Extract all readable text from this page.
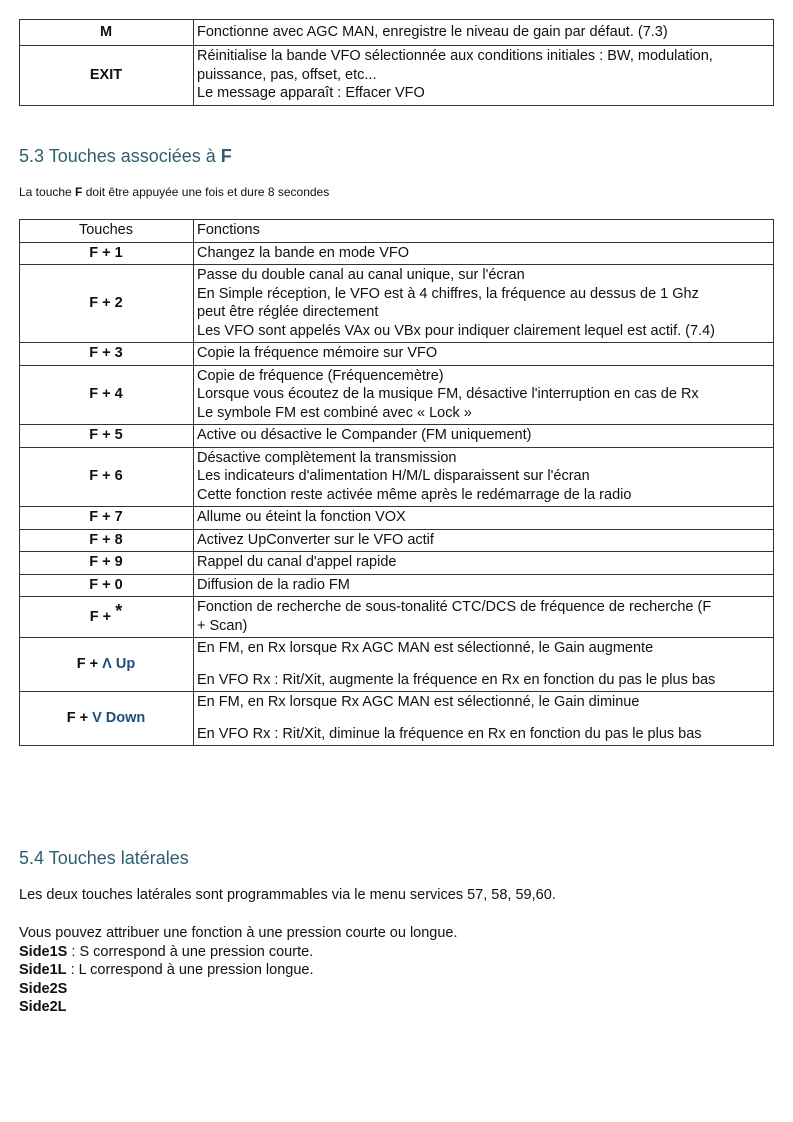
M	Fonctionne avec AGC MAN, enregistre le niveau de gain par défaut. (7.3)

EXIT	Réinitialise la bande VFO sélectionnée aux conditions initiales : BW, modulation,
puissance, pas, offset, etc...
Le message apparaît : Effacer VFO
5.3 Touches associées à F
La touche F doit être appuyée une fois et dure 8 secondes
Touches	Fonctions
F + 1	Changez la bande en mode VFO

F + 2	Passe du double canal au canal unique, sur l'écran
En Simple réception, le VFO est à 4 chiffres, la fréquence au dessus de 1 Ghz
peut être réglée directement
Les VFO sont appelés VAx ou VBx pour indiquer clairement lequel est actif. (7.4)

F + 3	Copie la fréquence mémoire sur VFO

F + 4	Copie de fréquence (Fréquencemètre)
Lorsque vous écoutez de la musique FM, désactive l'interruption en cas de Rx
Le symbole FM est combiné avec « Lock »

F + 5	Active ou désactive le Compander (FM uniquement)

F + 6	Désactive complètement la transmission
Les indicateurs d'alimentation H/M/L disparaissent sur l'écran
Cette fonction reste activée même après le redémarrage de la radio

F + 7	Allume ou éteint la fonction VOX

F + 8	Activez UpConverter sur le VFO actif

F + 9	Rappel du canal d'appel rapide

F + 0	Diffusion de la radio FM

F + *	Fonction de recherche de sous-tonalité CTC/DCS de fréquence de recherche (F
+ Scan)

F + Λ Up	En FM, en Rx lorsque Rx AGC MAN est sélectionné, le Gain augmente
En VFO Rx : Rit/Xit, augmente la fréquence en Rx en fonction du pas le plus bas

F + V Down	En FM, en Rx lorsque Rx AGC MAN est sélectionné, le Gain diminue
En VFO Rx : Rit/Xit, diminue la fréquence en Rx en fonction du pas le plus bas
5.4 Touches latérales
Les deux touches latérales sont programmables via le menu services 57, 58, 59,60.
Vous pouvez attribuer une fonction à une pression courte ou longue.
Side1S : S correspond à une pression courte.
Side1L : L correspond à une pression longue.
Side2S
Side2L
